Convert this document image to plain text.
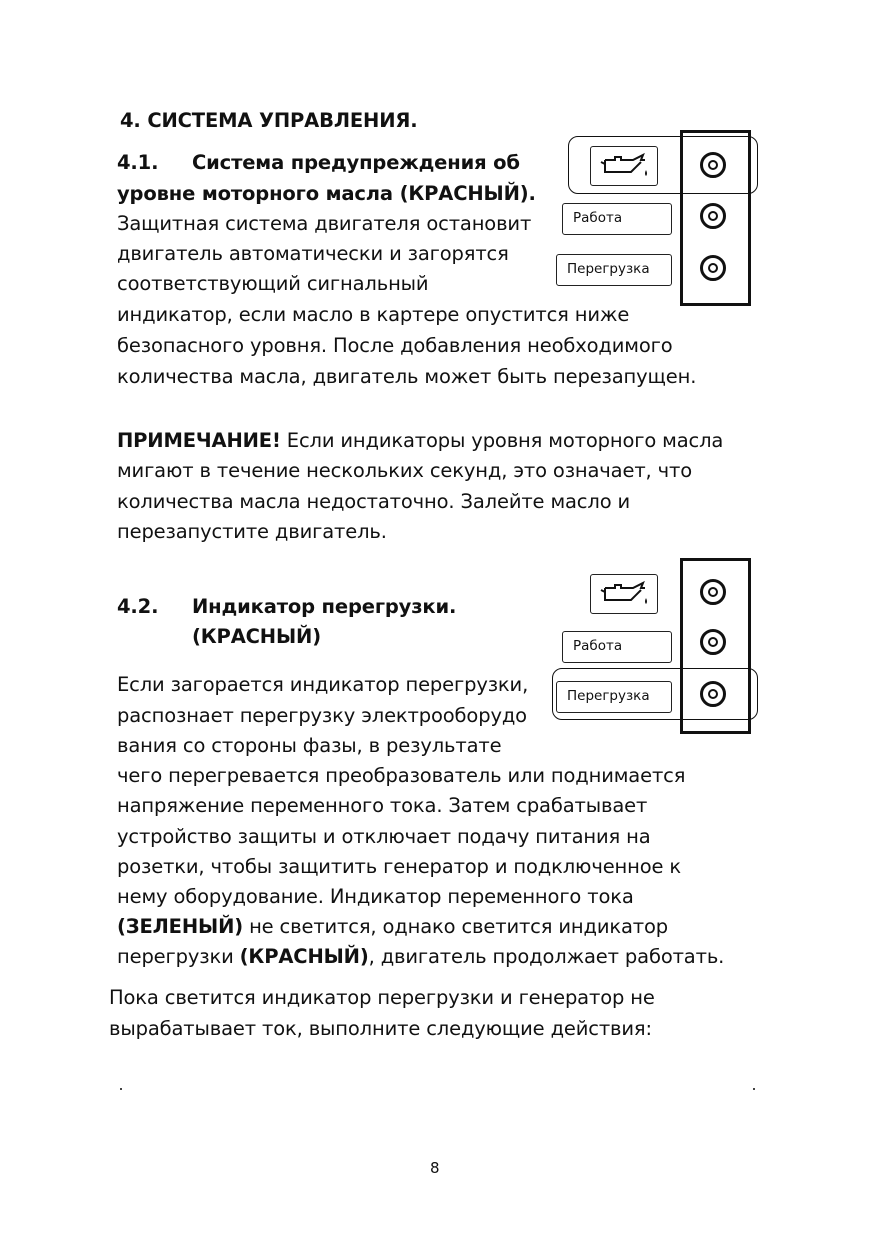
4. СИСТЕМА УПРАВЛЕНИЯ.
4.1. Система предупреждения об
уровне моторного масла (КРАСНЫЙ).
Защитная система двигателя остановит
двигатель автоматически и загорятся
соответствующий сигнальный
индикатор, если масло в картере опустится ниже
безопасного уровня. После добавления необходимого
количества масла, двигатель может быть перезапущен.
Работа
Перегрузка
ПРИМЕЧАНИЕ! Если индикаторы уровня моторного масла
мигают в течение нескольких секунд, это означает, что
количества масла недостаточно. Залейте масло и
перезапустите двигатель.
4.2. Индикатор перегрузки.
(КРАСНЫЙ)	Работа
Перегрузка
Если загорается индикатор перегрузки,
распознает перегрузку электрооборудо
вания со стороны фазы, в результате
чего перегревается преобразователь или поднимается
напряжение переменного тока. Затем срабатывает
устройство защиты и отключает подачу питания на
розетки, чтобы защитить генератор и подключенное к
нему оборудование. Индикатор переменного тока
(ЗЕЛЕНЫЙ) не светится, однако светится индикатор
перегрузки (КРАСНЫЙ), двигатель продолжает работать.
Пока светится индикатор перегрузки и генератор не
вырабатывает ток, выполните следующие действия:
8
